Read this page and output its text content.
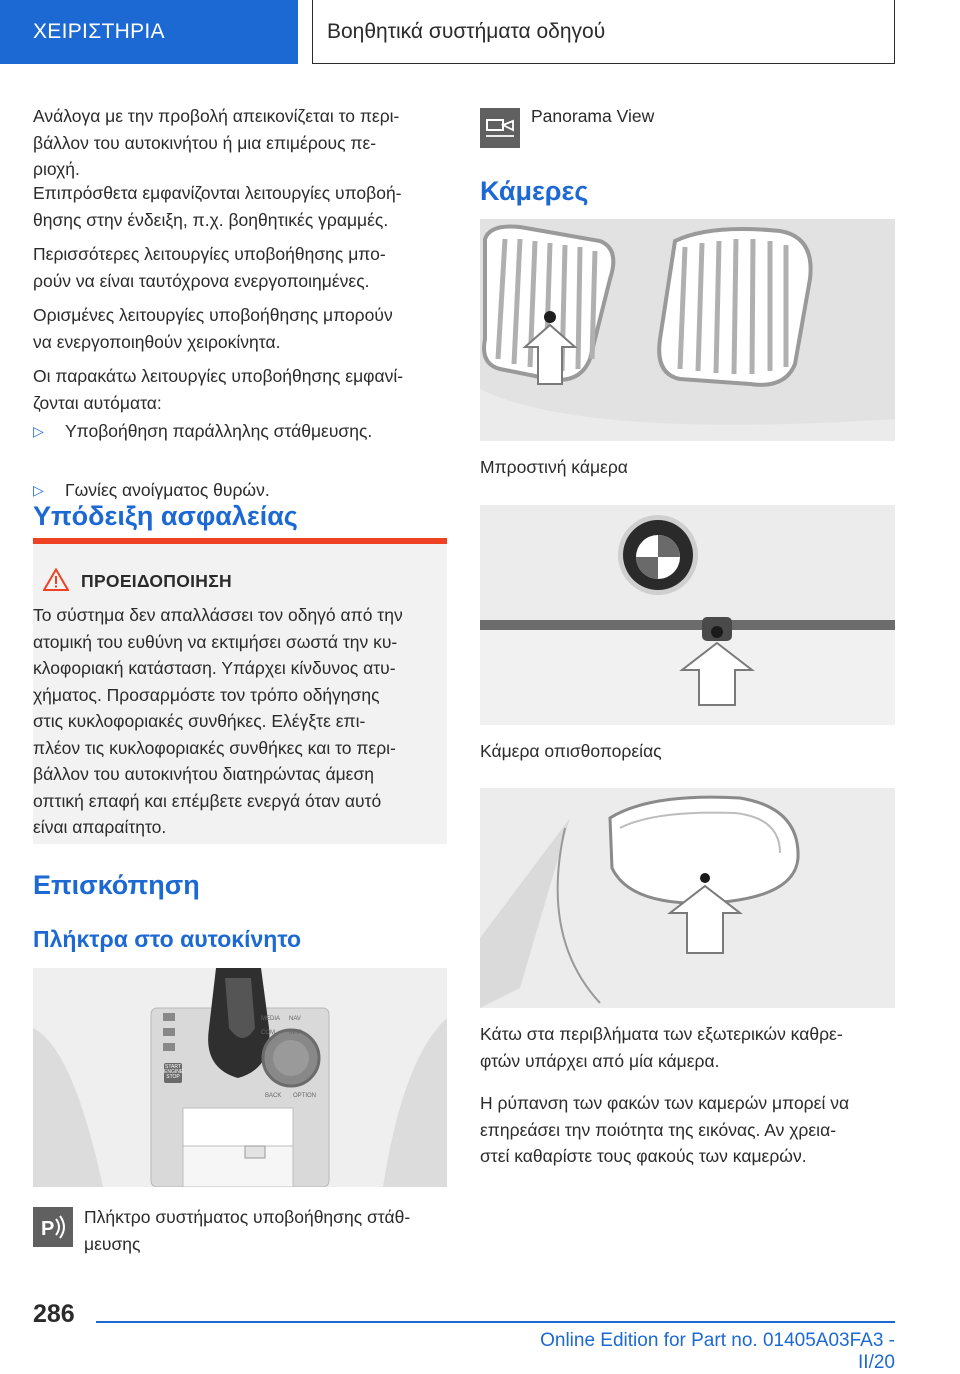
ΧΕΙΡΙΣΤΗΡΙΑ	Βοηθητικά συστήματα οδηγού

Ανάλογα με την προβολή απεικονίζεται το περι-
βάλλον του αυτοκινήτου ή μια επιμέρους πε-
ριοχή.

Επιπρόσθετα εμφανίζονται λειτουργίες υποβοή-
θησης στην ένδειξη, π.χ. βοηθητικές γραμμές.

Περισσότερες λειτουργίες υποβοήθησης μπο-
ρούν να είναι ταυτόχρονα ενεργοποιημένες.

Ορισμένες λειτουργίες υποβοήθησης μπορούν
να ενεργοποιηθούν χειροκίνητα.

Οι παρακάτω λειτουργίες υποβοήθησης εμφανί-
ζονται αυτόματα:

▷ Υποβοήθηση παράλληλης στάθμευσης.
▷ Γωνίες ανοίγματος θυρών.
Υπόδειξη ασφαλείας
ΠΡΟΕΙΔΟΠΟΙΗΣΗ
Το σύστημα δεν απαλλάσσει τον οδηγό από την
ατομική του ευθύνη να εκτιμήσει σωστά την κυ-
κλοφοριακή κατάσταση. Υπάρχει κίνδυνος ατυ-
χήματος. Προσαρμόστε τον τρόπο οδήγησης
στις κυκλοφοριακές συνθήκες. Ελέγξτε επι-
πλέον τις κυκλοφοριακές συνθήκες και το περι-
βάλλον του αυτοκινήτου διατηρώντας άμεση
οπτική επαφή και επέμβετε ενεργά όταν αυτό
είναι απαραίτητο.
Επισκόπηση
Πλήκτρα στο αυτοκίνητο
START ENGINE STOP
MEDIA
COM
NAV
MAP
BACK OPTION
P
Πλήκτρο συστήματος υποβοήθησης στάθ-
μευσης
Panorama View
Κάμερες
Μπροστινή κάμερα
Κάμερα οπισθοπορείας
Κάτω στα περιβλήματα των εξωτερικών καθρε-
φτών υπάρχει από μία κάμερα.
Η ρύπανση των φακών των καμερών μπορεί να
επηρεάσει την ποιότητα της εικόνας. Αν χρεια-
στεί καθαρίστε τους φακούς των καμερών.
286
Online Edition for Part no. 01405A03FA3 - II/20
